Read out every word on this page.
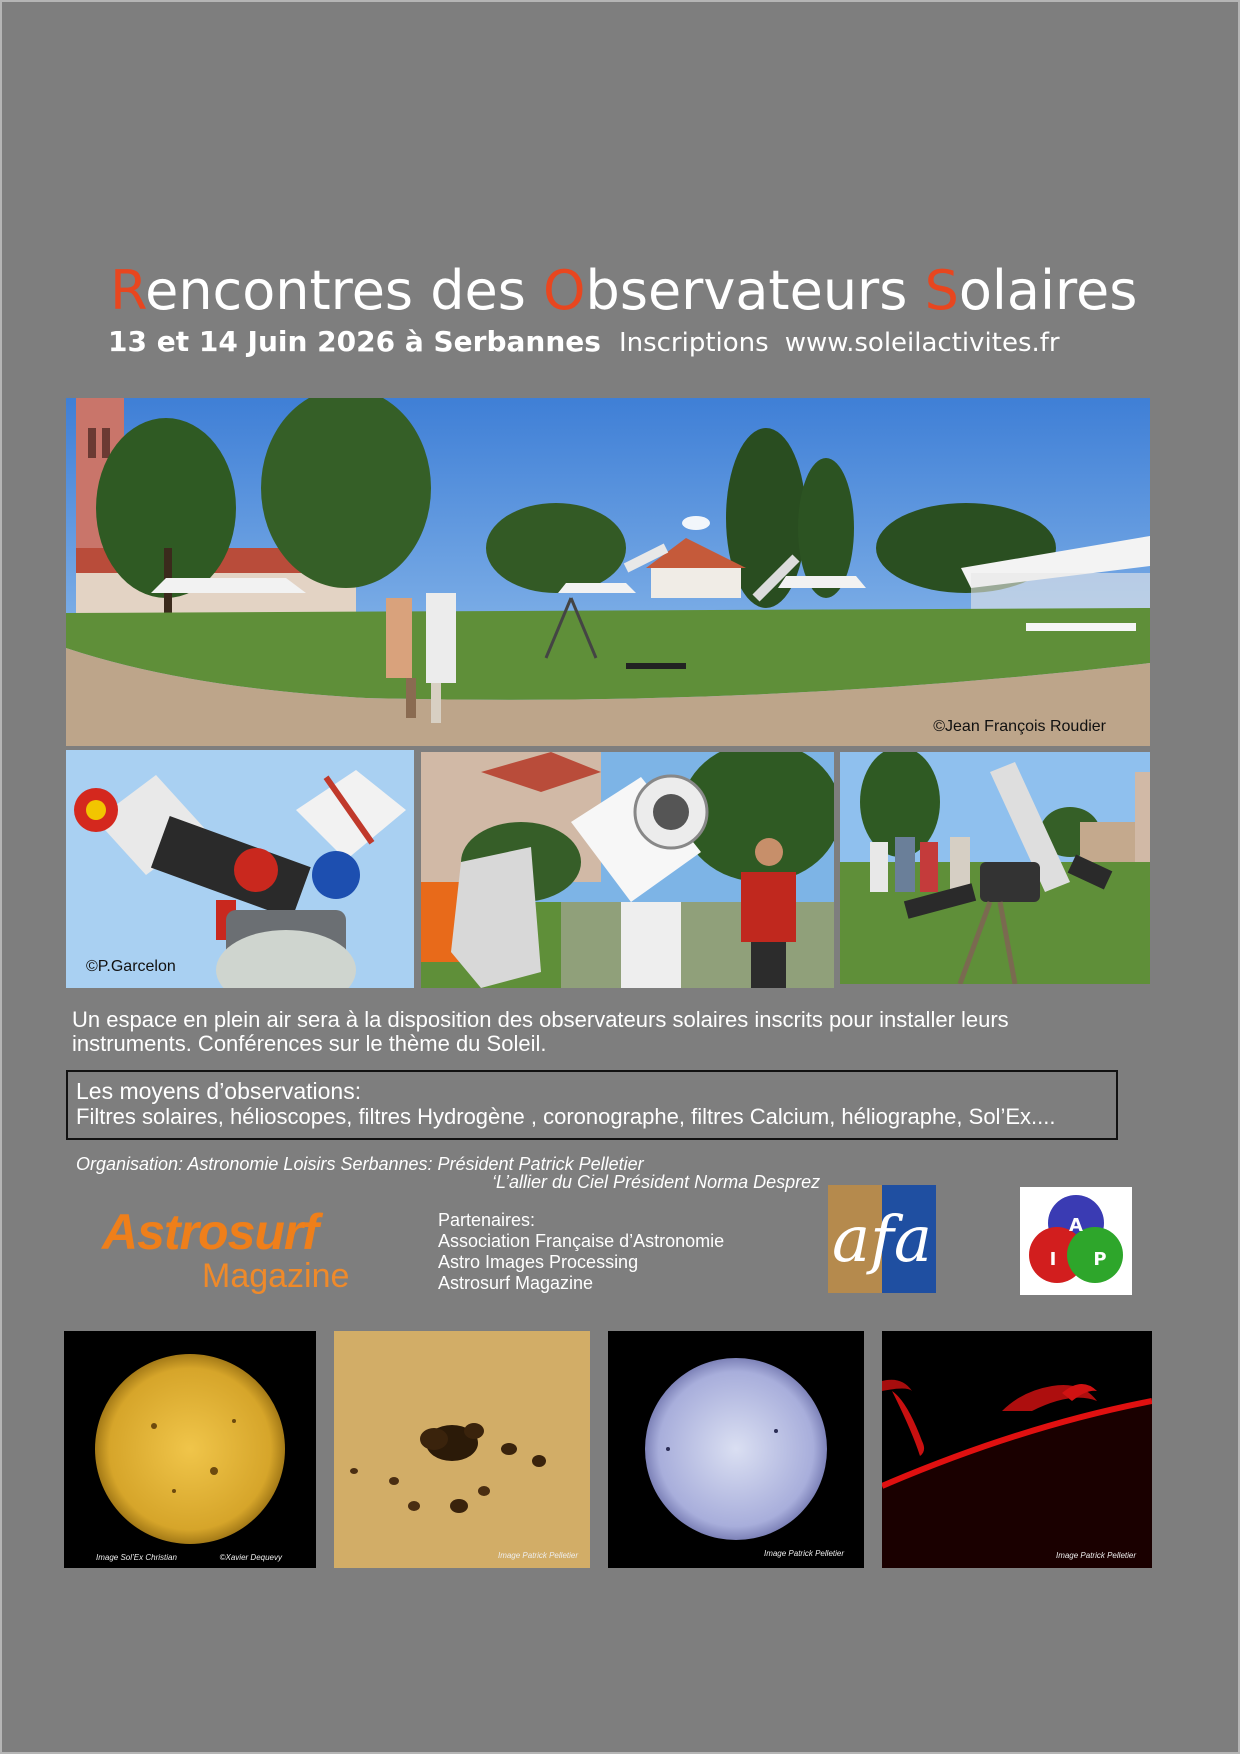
Rencontres des Observateurs Solaires
13 et 14 Juin 2026 à Serbannes Inscriptions www.soleilactivites.fr
©Jean François Roudier
©P.Garcelon
Un espace en plein air sera à la disposition des observateurs solaires inscrits pour installer leurs instruments. Conférences sur le thème du Soleil.
Les moyens d’observations:
Filtres solaires, hélioscopes, filtres Hydrogène , coronographe, filtres Calcium, héliographe, Sol’Ex....
Organisation: Astronomie Loisirs Serbannes: Président Patrick Pelletier
‘L’allier du Ciel Président Norma Desprez
Astrosurf
Magazine
Partenaires:
Association Française d’Astronomie
Astro Images Processing
Astrosurf Magazine
afa	A
I P
Image Sol’Ex Christian	©Xavier Dequevy	Image Patrick Pelletier	Image Patrick Pelletier	Image Patrick Pelletier
